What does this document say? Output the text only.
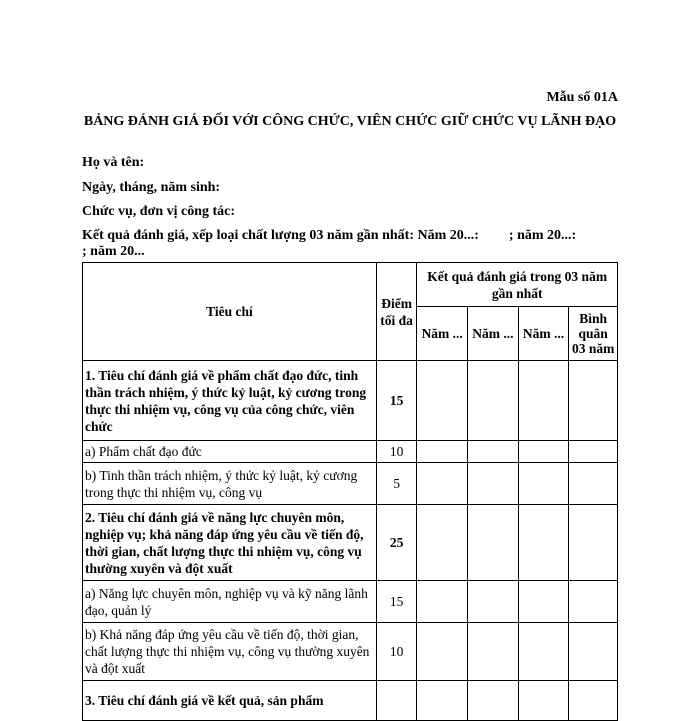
Mẫu số 01A
BẢNG ĐÁNH GIÁ ĐỐI VỚI CÔNG CHỨC, VIÊN CHỨC GIỮ CHỨC VỤ LÃNH ĐẠO
Họ và tên:
Ngày, tháng, năm sinh:
Chức vụ, đơn vị công tác:
Kết quả đánh giá, xếp loại chất lượng 03 năm gần nhất: Năm 20...: ; năm 20...:
; năm 20...
Tiêu chí	Điểm tối đa	Kết quả đánh giá trong 03 năm gần nhất			
		Năm ...	Năm ...	Năm ...	Bình quân 03 năm
1. Tiêu chí đánh giá về phẩm chất đạo đức, tinh thần trách nhiệm, ý thức kỷ luật, kỷ cương trong thực thi nhiệm vụ, công vụ của công chức, viên chức	15				
a) Phẩm chất đạo đức	10				
b) Tinh thần trách nhiệm, ý thức kỷ luật, kỷ cương trong thực thi nhiệm vụ, công vụ	5				
2. Tiêu chí đánh giá về năng lực chuyên môn, nghiệp vụ; khả năng đáp ứng yêu cầu về tiến độ, thời gian, chất lượng thực thi nhiệm vụ, công vụ thường xuyên và đột xuất	25				
a) Năng lực chuyên môn, nghiệp vụ và kỹ năng lãnh đạo, quản lý	15				
b) Khả năng đáp ứng yêu cầu về tiến độ, thời gian, chất lượng thực thi nhiệm vụ, công vụ thường xuyên và đột xuất	10				
3. Tiêu chí đánh giá về kết quả, sản phẩm					
